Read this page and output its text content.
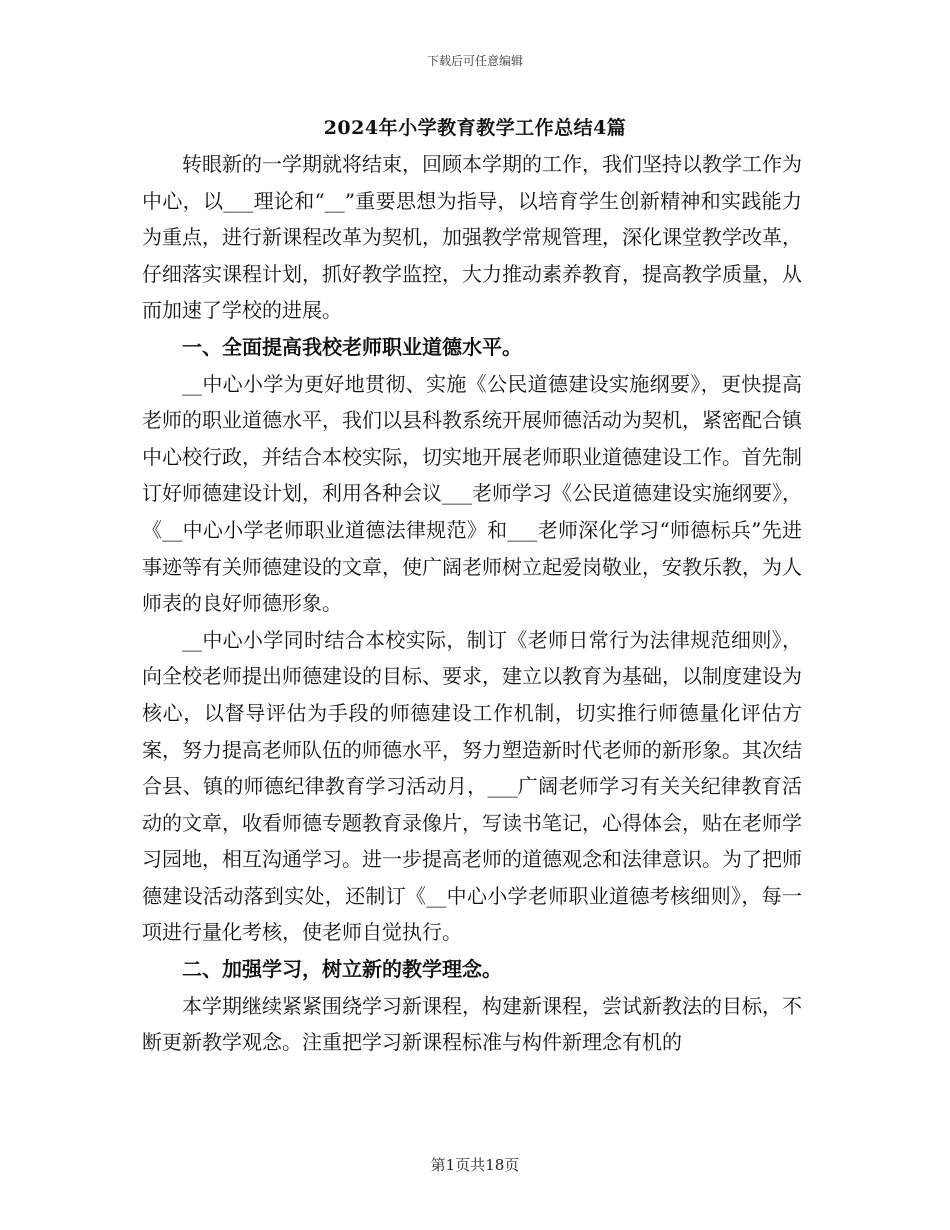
下载后可任意编辑
2024年小学教育教学工作总结4篇

转眼新的一学期就将结束，回顾本学期的工作，我们坚持以教学工作为中心，以___理论和“__”重要思想为指导，以培育学生创新精神和实践能力为重点，进行新课程改革为契机，加强教学常规管理，深化课堂教学改革，仔细落实课程计划，抓好教学监控，大力推动素养教育，提高教学质量，从而加速了学校的进展。

一、全面提高我校老师职业道德水平。

__中心小学为更好地贯彻、实施《公民道德建设实施纲要》，更快提高老师的职业道德水平，我们以县科教系统开展师德活动为契机，紧密配合镇中心校行政，并结合本校实际，切实地开展老师职业道德建设工作。首先制订好师德建设计划，利用各种会议___老师学习《公民道德建设实施纲要》，《__中心小学老师职业道德法律规范》和___老师深化学习“师德标兵”先进事迹等有关师德建设的文章，使广阔老师树立起爱岗敬业，安教乐教，为人师表的良好师德形象。

__中心小学同时结合本校实际，制订《老师日常行为法律规范细则》，向全校老师提出师德建设的目标、要求，建立以教育为基础，以制度建设为核心，以督导评估为手段的师德建设工作机制，切实推行师德量化评估方案，努力提高老师队伍的师德水平，努力塑造新时代老师的新形象。其次结合县、镇的师德纪律教育学习活动月，___广阔老师学习有关关纪律教育活动的文章，收看师德专题教育录像片，写读书笔记，心得体会，贴在老师学习园地，相互沟通学习。进一步提高老师的道德观念和法律意识。为了把师德建设活动落到实处，还制订《__中心小学老师职业道德考核细则》，每一项进行量化考核，使老师自觉执行。

二、加强学习，树立新的教学理念。

本学期继续紧紧围绕学习新课程，构建新课程，尝试新教法的目标，不断更新教学观念。注重把学习新课程标准与构件新理念有机的

第1页共18页
